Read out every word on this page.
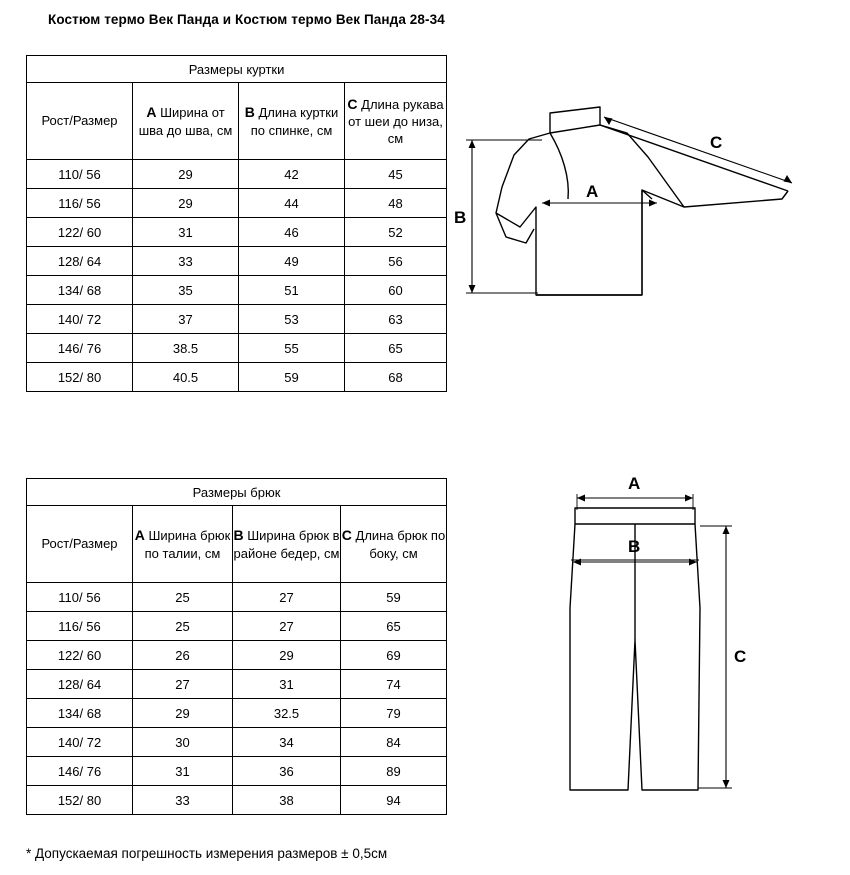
Костюм термо Век Панда и Костюм термо Век Панда 28-34
Размеры куртки			
Рост/Размер	A Ширина от шва до шва, см	B Длина куртки по спинке, см	C Длина рукава от шеи до низа, см
110/ 56	29	42	45
116/ 56	29	44	48
122/ 60	31	46	52
128/ 64	33	49	56
134/ 68	35	51	60
140/ 72	37	53	63
146/ 76	38.5	55	65
152/ 80	40.5	59	68
Размеры брюк			
Рост/Размер	A Ширина брюк по талии, см	B Ширина брюк в районе бедер, см	C Длина брюк по боку, см
110/ 56	25	27	59
116/ 56	25	27	65
122/ 60	26	29	69
128/ 64	27	31	74
134/ 68	29	32.5	79
140/ 72	30	34	84
146/ 76	31	36	89
152/ 80	33	38	94
A
B
C
A
B
C
* Допускаемая погрешность измерения размеров ± 0,5см
